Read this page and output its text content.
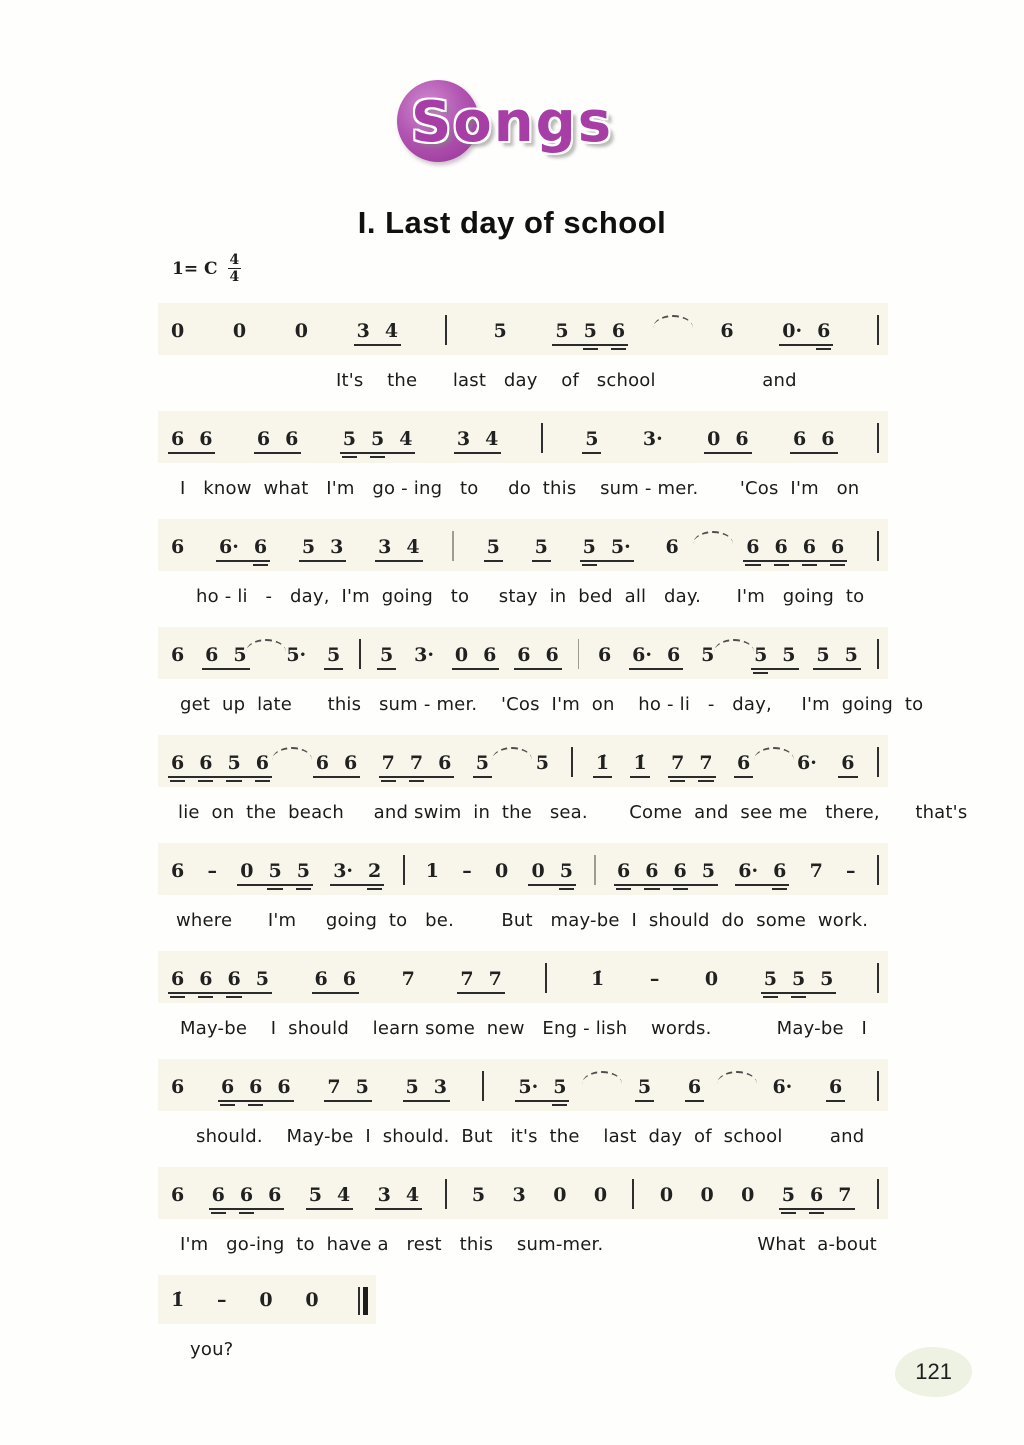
Songs
I. Last day of school
1= C $\frac{4}{4}$
0	0	0	3 4	5	5 5 6	6	0· 6
It's    the      last   day    of   school                  and
6 6 6 6 5 5 4 3 4	5 3· 0 6 6 6
I   know  what   I'm   go - ing   to     do  this    sum - mer.       'Cos  I'm   on
6 6· 6 5 3 3 4	5 5 5 5· 6	6 6 6 6
ho - li   -   day,  I'm  going   to     stay  in  bed  all   day.      I'm   going  to
6 6 5 5· 5 5 3· 0 6 6 6 6 6· 6 5 5 5 5 5
get  up  late      this   sum - mer.    'Cos  I'm  on    ho - li   -   day,     I'm  going  to
6 6 5 6 6 6 7 7 6 5 5 1̇ 1̇ 7 7 6 6· 6
lie  on  the  beach     and swim  in  the   sea.       Come  and  see me   there,      that's
6 – 0 5 5 3· 2 1 – 0 0 5 6 6 6 5 6· 6 7 –
where      I'm     going  to   be.        But   may-be  I  should  do  some  work.
6 6 6 5 6 6 7 7 7	1̇ – 0 5 5 5
May-be    I  should    learn some  new   Eng - lish    words.           May-be   I
6 6 6 6 7 5 5 3	5· 5	5 6	6· 6
should.    May-be  I  should.  But   it's  the    last  day  of  school        and
6 6 6 6 5 4 3 4	5 3 0 0	0 0 0 5 6 7
I'm   go-ing  to  have a   rest   this    sum-mer.                          What  a-bout
1̇ – 0 0
you?
121
